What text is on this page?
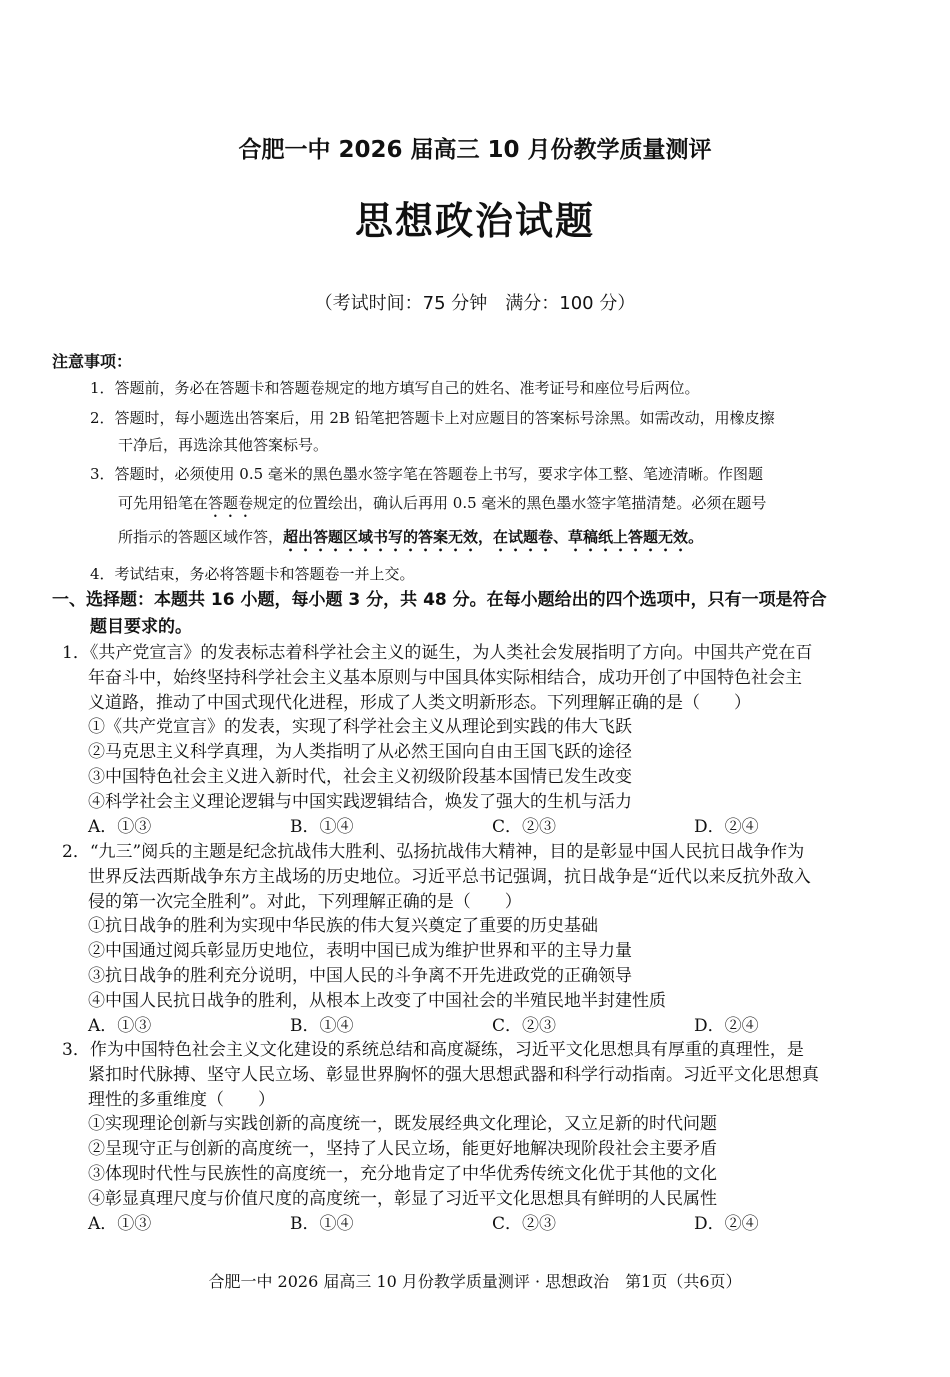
合肥一中 2026 届高三 10 月份教学质量测评
思想政治试题
（考试时间：75 分钟　满分：100 分）
注意事项：
1．答题前，务必在答题卡和答题卷规定的地方填写自己的姓名、准考证号和座位号后两位。
2．答题时，每小题选出答案后，用 2B 铅笔把答题卡上对应题目的答案标号涂黑。如需改动，用橡皮擦
干净后，再选涂其他答案标号。
3．答题时，必须使用 0.5 毫米的黑色墨水签字笔在答题卷上书写，要求字体工整、笔迹清晰。作图题
可先用铅笔在答题卷规定的位置绘出，确认后再用 0.5 毫米的黑色墨水签字笔描清楚。必须在题号
所指示的答题区域作答，超出答题区域书写的答案无效，在试题卷、草稿纸上答题无效。
4．考试结束，务必将答题卡和答题卷一并上交。
一、选择题：本题共 16 小题，每小题 3 分，共 48 分。在每小题给出的四个选项中，只有一项是符合
题目要求的。
1．《共产党宣言》的发表标志着科学社会主义的诞生，为人类社会发展指明了方向。中国共产党在百
年奋斗中，始终坚持科学社会主义基本原则与中国具体实际相结合，成功开创了中国特色社会主
义道路，推动了中国式现代化进程，形成了人类文明新形态。下列理解正确的是（　　）
①《共产党宣言》的发表，实现了科学社会主义从理论到实践的伟大飞跃
②马克思主义科学真理，为人类指明了从必然王国向自由王国飞跃的途径
③中国特色社会主义进入新时代，社会主义初级阶段基本国情已发生改变
④科学社会主义理论逻辑与中国实践逻辑结合，焕发了强大的生机与活力
A．①③	B．①④	C．②③	D．②④
2．“九三”阅兵的主题是纪念抗战伟大胜利、弘扬抗战伟大精神，目的是彰显中国人民抗日战争作为
世界反法西斯战争东方主战场的历史地位。习近平总书记强调，抗日战争是“近代以来反抗外敌入
侵的第一次完全胜利”。对此，下列理解正确的是（　　）
①抗日战争的胜利为实现中华民族的伟大复兴奠定了重要的历史基础
②中国通过阅兵彰显历史地位，表明中国已成为维护世界和平的主导力量
③抗日战争的胜利充分说明，中国人民的斗争离不开先进政党的正确领导
④中国人民抗日战争的胜利，从根本上改变了中国社会的半殖民地半封建性质
A．①③	B．①④	C．②③	D．②④
3．作为中国特色社会主义文化建设的系统总结和高度凝练，习近平文化思想具有厚重的真理性，是
紧扣时代脉搏、坚守人民立场、彰显世界胸怀的强大思想武器和科学行动指南。习近平文化思想真
理性的多重维度（　　）
①实现理论创新与实践创新的高度统一，既发展经典文化理论，又立足新的时代问题
②呈现守正与创新的高度统一，坚持了人民立场，能更好地解决现阶段社会主要矛盾
③体现时代性与民族性的高度统一，充分地肯定了中华优秀传统文化优于其他的文化
④彰显真理尺度与价值尺度的高度统一，彰显了习近平文化思想具有鲜明的人民属性
A．①③	B．①④	C．②③	D．②④
合肥一中 2026 届高三 10 月份教学质量测评 · 思想政治　第1页（共6页）
